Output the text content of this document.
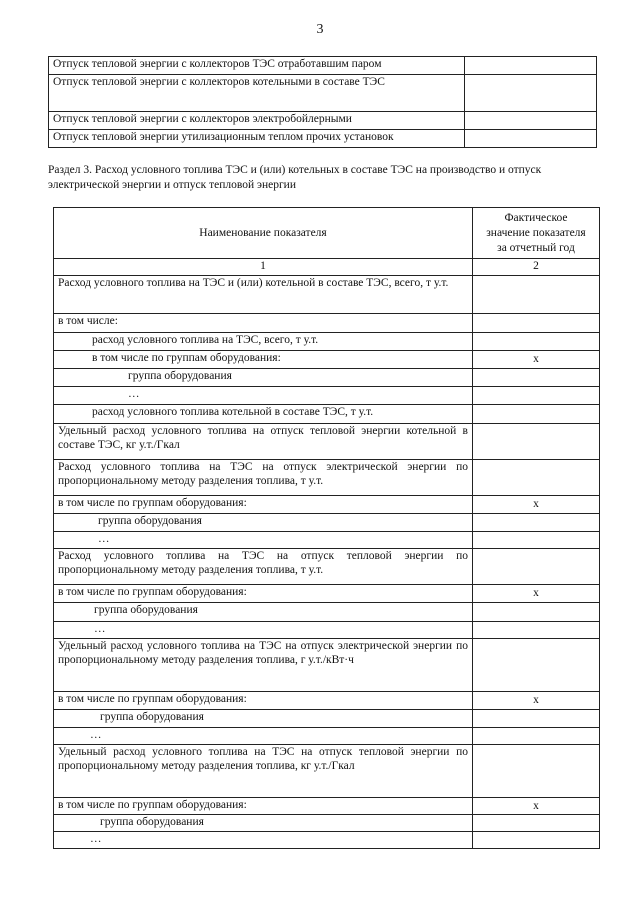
3
Отпуск тепловой энергии с коллекторов ТЭС отработавшим паром	
Отпуск тепловой энергии с коллекторов котельными в составе ТЭС	
Отпуск тепловой энергии с коллекторов электробойлерными	
Отпуск тепловой энергии утилизационным теплом прочих установок	
Раздел 3. Расход условного топлива ТЭС и (или) котельных в составе ТЭС на производство и отпуск электрической энергии и отпуск тепловой энергии
Наименование показателя	Фактическое
значение показателя
за отчетный год

1	2
Расход условного топлива на ТЭС и (или) котельной в составе ТЭС, всего, т у.т.	
в том числе:	
расход условного топлива на ТЭС, всего, т у.т.	
в том числе по группам оборудования:	x

группа оборудования	
…	
расход условного топлива котельной в составе ТЭС, т у.т.	
Удельный расход условного топлива на отпуск тепловой энергии котельной в составе ТЭС, кг у.т./Гкал	
Расход условного топлива на ТЭС на отпуск электрической энергии по пропорциональному методу разделения топлива, т у.т.	
в том числе по группам оборудования:	x

группа оборудования	
…	
Расход условного топлива на ТЭС на отпуск тепловой энергии по пропорциональному методу разделения топлива, т у.т.	
в том числе по группам оборудования:	x

группа оборудования	
…	
Удельный расход условного топлива на ТЭС на отпуск электрической энергии по пропорциональному методу разделения топлива, г у.т./кВт·ч	
в том числе по группам оборудования:	x

группа оборудования	
…	
Удельный расход условного топлива на ТЭС на отпуск тепловой энергии по пропорциональному методу разделения топлива, кг у.т./Гкал	
в том числе по группам оборудования:	x

группа оборудования	
…	
